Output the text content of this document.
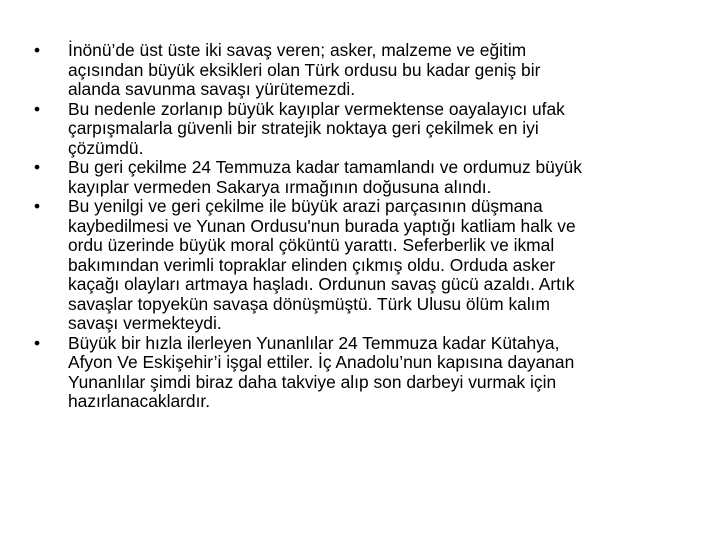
• İnönü’de üst üste iki savaş veren; asker, malzeme ve eğitim
açısından büyük eksikleri olan Türk ordusu bu kadar geniş bir
alanda savunma savaşı yürütemezdi.
• Bu nedenle zorlanıp büyük kayıplar vermektense oayalayıcı ufak
çarpışmalarla güvenli bir stratejik noktaya geri çekilmek en iyi
çözümdü.
• Bu geri çekilme 24 Temmuza kadar tamamlandı ve ordumuz büyük
kayıplar vermeden Sakarya ırmağının doğusuna alındı.
• Bu yenilgi ve geri çekilme ile büyük arazi parçasının düşmana
kaybedilmesi ve Yunan Ordusu'nun burada yaptığı katliam halk ve
ordu üzerinde büyük moral çöküntü yarattı. Seferberlik ve ikmal
bakımından verimli topraklar elinden çıkmış oldu. Orduda asker
kaçağı olayları artmaya haşladı. Ordunun savaş gücü azaldı. Artık
savaşlar topyekün savaşa dönüşmüştü. Türk Ulusu ölüm kalım
savaşı vermekteydi.
• Büyük bir hızla ilerleyen Yunanlılar 24 Temmuza kadar Kütahya,
Afyon Ve Eskişehir’i işgal ettiler. İç Anadolu’nun kapısına dayanan
Yunanlılar şimdi biraz daha takviye alıp son darbeyi vurmak için
hazırlanacaklardır.
